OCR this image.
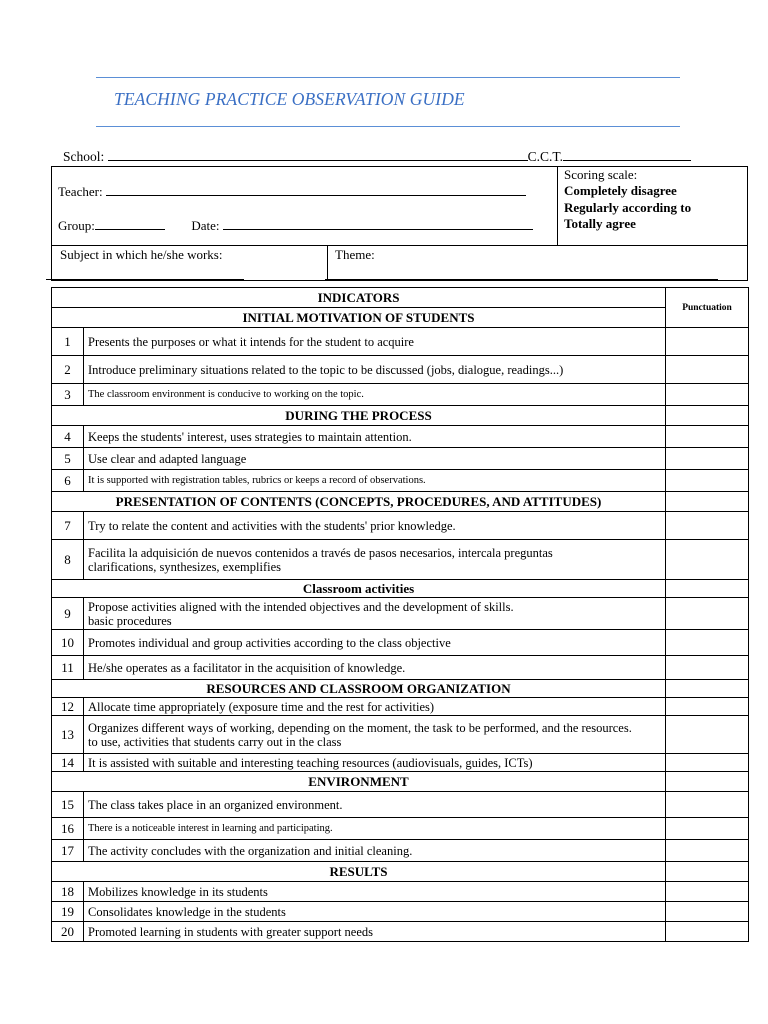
TEACHING PRACTICE OBSERVATION GUIDE
School:	C.C.T.
Teacher:
Group:	Date:
Scoring scale:
Completely disagree
Regularly according to
Totally agree
Subject in which he/she works:	Theme:
INDICATORS		Punctuation
INITIAL MOTIVATION OF STUDENTS		
1	Presents the purposes or what it intends for the student to acquire	

2	Introduce preliminary situations related to the topic to be discussed (jobs, dialogue, readings...)	

3	The classroom environment is conducive to working on the topic.	

DURING THE PROCESS		
4	Keeps the students' interest, uses strategies to maintain attention.	

5	Use clear and adapted language	

6	It is supported with registration tables, rubrics or keeps a record of observations.	

PRESENTATION OF CONTENTS (CONCEPTS, PROCEDURES, AND ATTITUDES)		
7	Try to relate the content and activities with the students' prior knowledge.	

8	Facilita la adquisición de nuevos contenidos a través de pasos necesarios, intercala preguntas
clarifications, synthesizes, exemplifies	

Classroom activities		
9	Propose activities aligned with the intended objectives and the development of skills.
basic procedures	

10	Promotes individual and group activities according to the class objective	

11	He/she operates as a facilitator in the acquisition of knowledge.	

RESOURCES AND CLASSROOM ORGANIZATION		
12	Allocate time appropriately (exposure time and the rest for activities)	

13	Organizes different ways of working, depending on the moment, the task to be performed, and the resources.
to use, activities that students carry out in the class	

14	It is assisted with suitable and interesting teaching resources (audiovisuals, guides, ICTs)	

ENVIRONMENT		
15	The class takes place in an organized environment.	

16	There is a noticeable interest in learning and participating.	

17	The activity concludes with the organization and initial cleaning.	

RESULTS		
18	Mobilizes knowledge in its students	

19	Consolidates knowledge in the students	

20	Promoted learning in students with greater support needs	
